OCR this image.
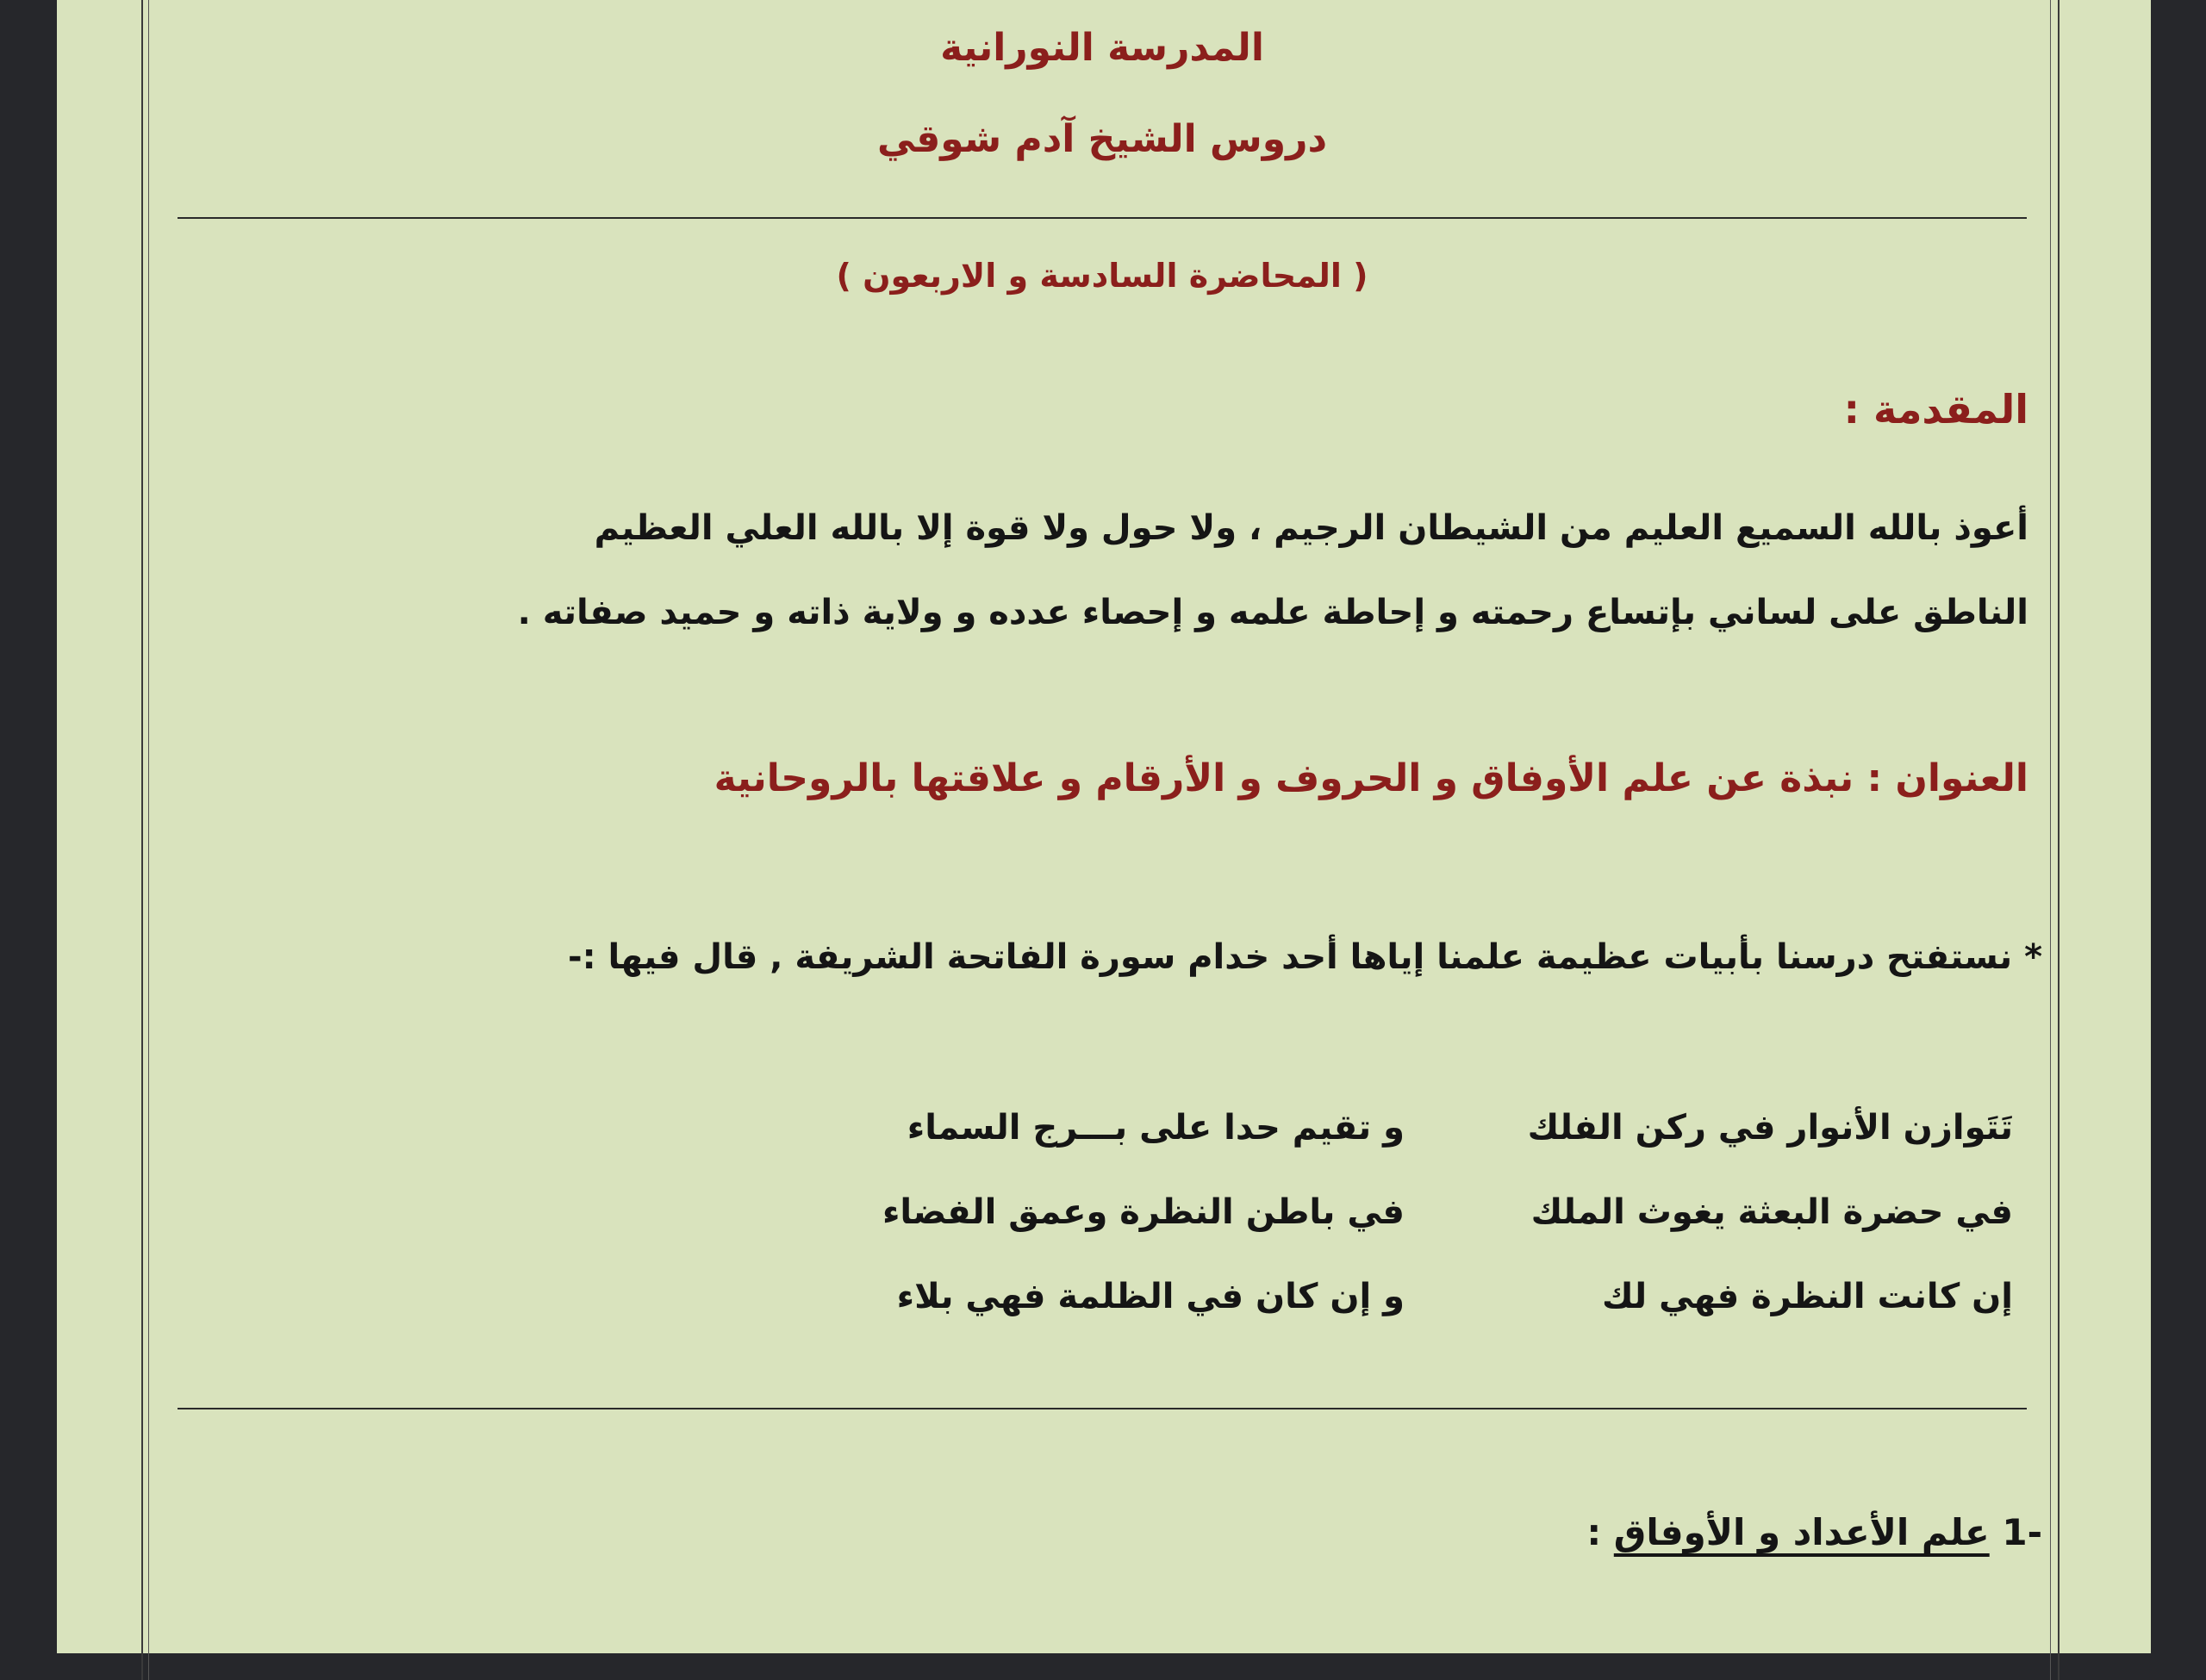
المدرسة النورانية
دروس الشيخ آدم شوقي
( المحاضرة السادسة و الاربعون )
المقدمة :
أعوذ بالله السميع العليم من الشيطان الرجيم ، ولا حول ولا قوة إلا بالله العلي العظيم
الناطق على لساني بإتساع رحمته و إحاطة علمه و إحصاء عدده و ولاية ذاته و حميد صفاته .
العنوان : نبذة عن علم الأوفاق و الحروف و الأرقام و علاقتها بالروحانية
* نستفتح درسنا بأبيات عظيمة علمنا إياها أحد خدام سورة الفاتحة الشريفة , قال فيها :-
تَتَوازن الأنوار في ركن الفلك
و تقيم حدا على بـــرج السماء
في حضرة البعثة يغوث الملك
في باطن النظرة وعمق الفضاء
إن كانت النظرة فهي لك
و إن كان في الظلمة فهي بلاء
-1 علم الأعداد و الأوفاق :
